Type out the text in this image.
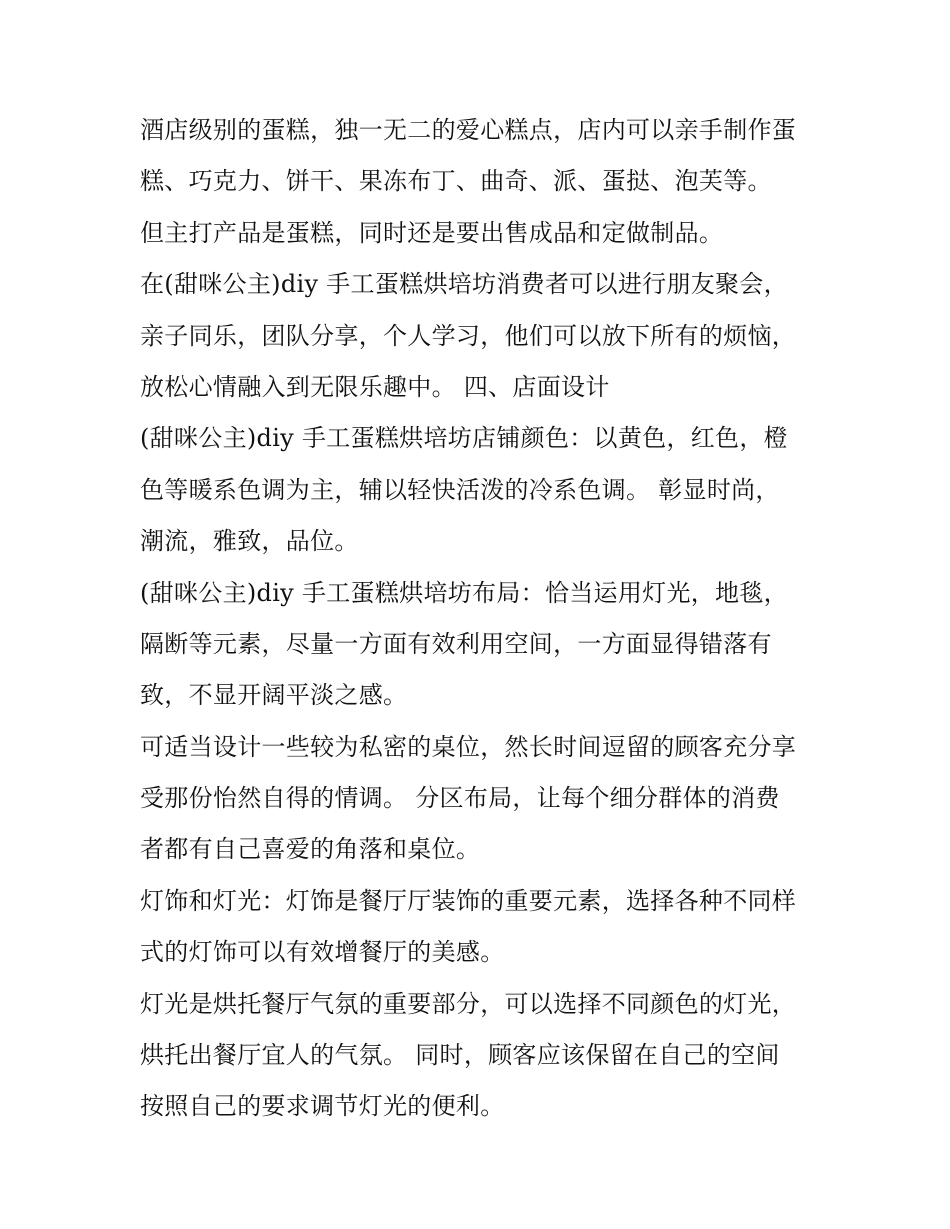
酒店级别的蛋糕，独一无二的爱心糕点，店内可以亲手制作蛋
糕、巧克力、饼干、果冻布丁、曲奇、派、蛋挞、泡芙等。
但主打产品是蛋糕，同时还是要出售成品和定做制品。
在(甜咪公主)diy 手工蛋糕烘培坊消费者可以进行朋友聚会，
亲子同乐，团队分享，个人学习，他们可以放下所有的烦恼，
放松心情融入到无限乐趣中。 四、店面设计
(甜咪公主)diy 手工蛋糕烘培坊店铺颜色：以黄色，红色，橙
色等暖系色调为主，辅以轻快活泼的冷系色调。 彰显时尚，
潮流，雅致，品位。
(甜咪公主)diy 手工蛋糕烘培坊布局：恰当运用灯光，地毯，
隔断等元素，尽量一方面有效利用空间，一方面显得错落有
致，不显开阔平淡之感。
可适当设计一些较为私密的桌位，然长时间逗留的顾客充分享
受那份怡然自得的情调。 分区布局，让每个细分群体的消费
者都有自己喜爱的角落和桌位。
灯饰和灯光：灯饰是餐厅厅装饰的重要元素，选择各种不同样
式的灯饰可以有效增餐厅的美感。
灯光是烘托餐厅气氛的重要部分，可以选择不同颜色的灯光，
烘托出餐厅宜人的气氛。 同时，顾客应该保留在自己的空间
按照自己的要求调节灯光的便利。
